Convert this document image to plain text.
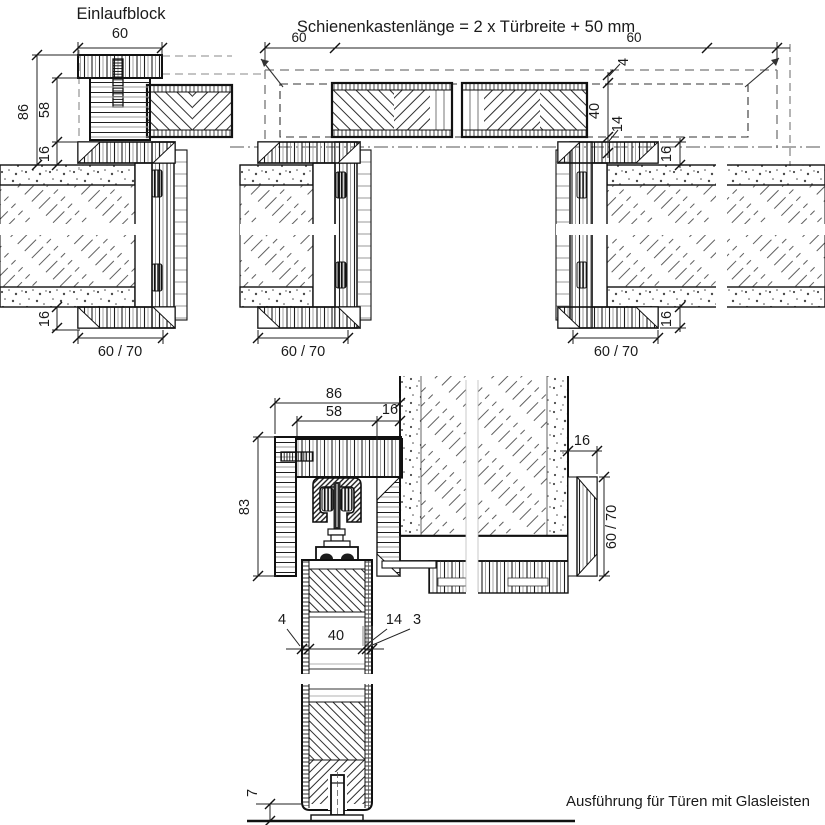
60
Schienenkastenlänge = 2 x Türbreite + 50 mm
60
Einlaufblock
60
86 58
16
16
60 / 70	60 / 70
16
16
60 / 70
4
40
14
86
58	16
83
16
60 / 70
4
40
14 3
7	Ausführung für Türen mit Glasleisten
